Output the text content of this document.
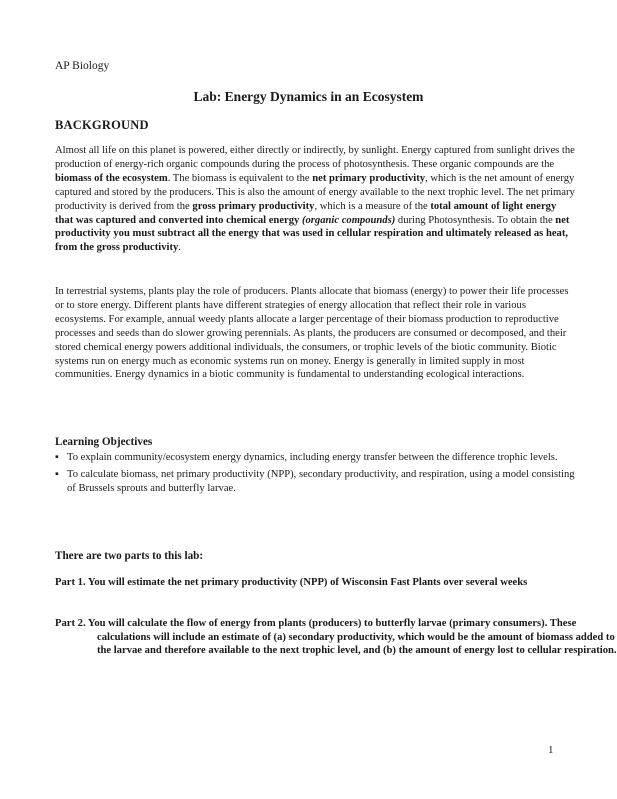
AP Biology
Lab: Energy Dynamics in an Ecosystem
BACKGROUND
Almost all life on this planet is powered, either directly or indirectly, by sunlight. Energy captured from sunlight drives the production of energy-rich organic compounds during the process of photosynthesis. These organic compounds are the biomass of the ecosystem. The biomass is equivalent to the net primary productivity, which is the net amount of energy captured and stored by the producers. This is also the amount of energy available to the next trophic level. The net primary productivity is derived from the gross primary productivity, which is a measure of the total amount of light energy that was captured and converted into chemical energy (organic compounds) during Photosynthesis. To obtain the net productivity you must subtract all the energy that was used in cellular respiration and ultimately released as heat, from the gross productivity.
In terrestrial systems, plants play the role of producers. Plants allocate that biomass (energy) to power their life processes or to store energy. Different plants have different strategies of energy allocation that reflect their role in various ecosystems. For example, annual weedy plants allocate a larger percentage of their biomass production to reproductive processes and seeds than do slower growing perennials. As plants, the producers are consumed or decomposed, and their stored chemical energy powers additional individuals, the consumers, or trophic levels of the biotic community. Biotic systems run on energy much as economic systems run on money. Energy is generally in limited supply in most communities. Energy dynamics in a biotic community is fundamental to understanding ecological interactions.
Learning Objectives
▪ To explain community/ecosystem energy dynamics, including energy transfer between the difference trophic levels.
▪ To calculate biomass, net primary productivity (NPP), secondary productivity, and respiration, using a model consisting of Brussels sprouts and butterfly larvae.
There are two parts to this lab:
Part 1. You will estimate the net primary productivity (NPP) of Wisconsin Fast Plants over several weeks
Part 2. You will calculate the flow of energy from plants (producers) to butterfly larvae (primary consumers). These calculations will include an estimate of (a) secondary productivity, which would be the amount of biomass added to the larvae and therefore available to the next trophic level, and (b) the amount of energy lost to cellular respiration.
1
